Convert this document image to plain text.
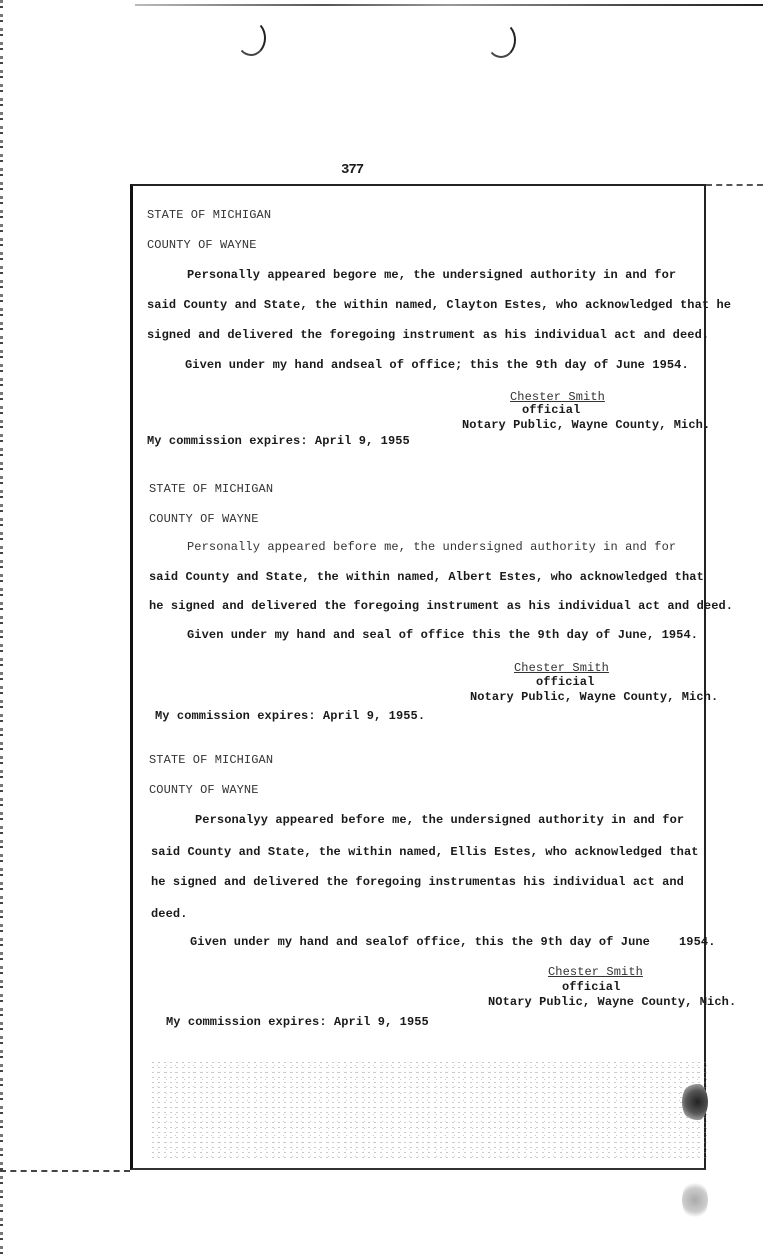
377
STATE OF MICHIGAN
COUNTY OF WAYNE
Personally appeared begore me, the undersigned authority in and for
said County and State, the within named, Clayton Estes, who acknowledged that he
signed and delivered the foregoing instrument as his individual act and deed.
Given under my hand andseal of office; this the 9th day of June 1954.
Chester Smith
official
Notary Public, Wayne County, Mich.
My commission expires: April 9, 1955
STATE OF MICHIGAN
COUNTY OF WAYNE
Personally appeared before me, the undersigned authority in and for
said County and State, the within named, Albert Estes, who acknowledged that
he signed and delivered the foregoing instrument as his individual act and deed.
Given under my hand and seal of office this the 9th day of June, 1954.
Chester Smith
official
Notary Public, Wayne County, Mich.
My commission expires: April 9, 1955.
STATE OF MICHIGAN
COUNTY OF WAYNE
Personalyy appeared before me, the undersigned authority in and for
said County and State, the within named, Ellis Estes, who acknowledged that
he signed and delivered the foregoing instrumentas his individual act and
deed.
Given under my hand and sealof office, this the 9th day of June 1954.
Chester Smith
official
NOtary Public, Wayne County, Mich.
My commission expires: April 9, 1955
